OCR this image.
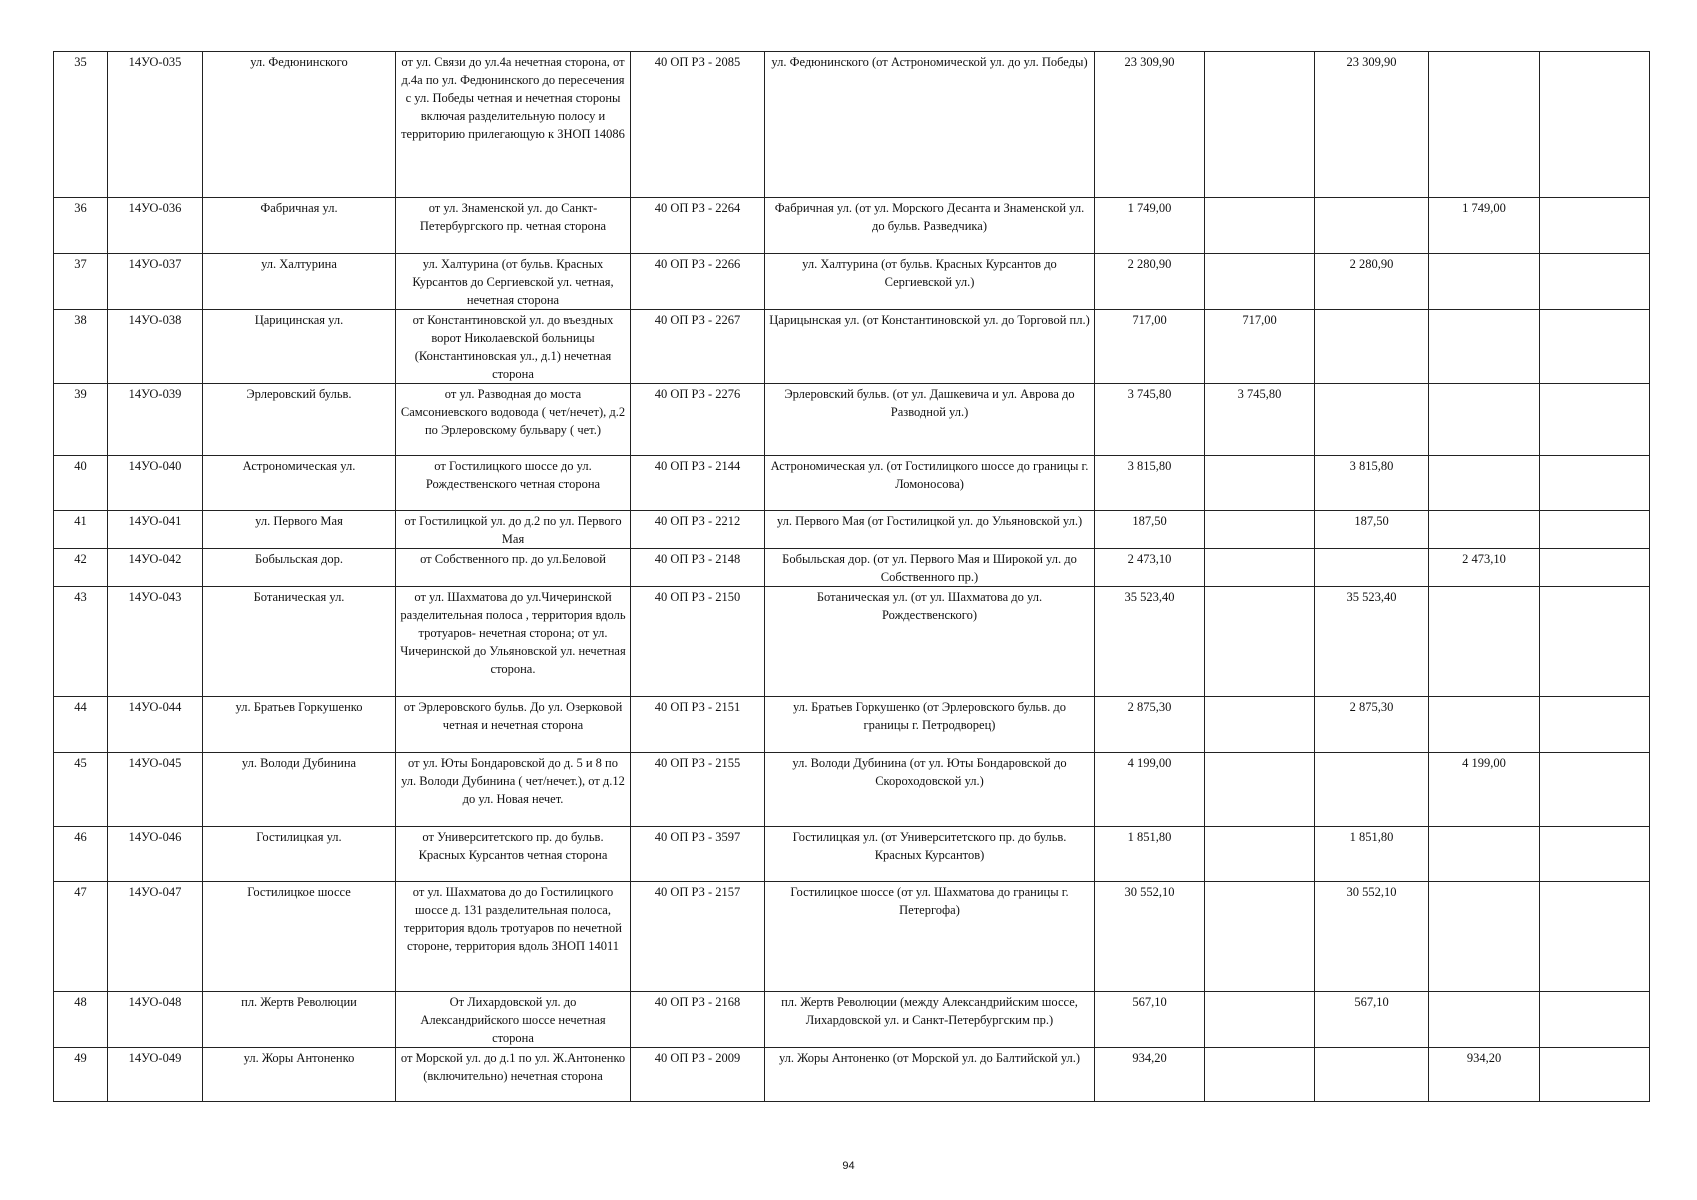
35	14УО-035	ул. Федюнинского	от ул. Связи до ул.4а нечетная сторона, от д.4а по ул. Федюнинского до пересечения с ул. Победы четная и нечетная стороны включая разделительную полосу и территорию прилегающую к ЗНОП 14086	40 ОП РЗ - 2085	ул. Федюнинского (от Астрономической ул. до ул. Победы)	23 309,90		23 309,90		
36	14УО-036	Фабричная ул.	от ул. Знаменской ул. до Санкт-Петербургского пр. четная сторона	40 ОП РЗ - 2264	Фабричная ул. (от ул. Морского Десанта и Знаменской ул. до бульв. Разведчика)	1 749,00			1 749,00	
37	14УО-037	ул. Халтурина	ул. Халтурина (от бульв. Красных Курсантов до Сергиевской ул. четная, нечетная сторона	40 ОП РЗ - 2266	ул. Халтурина (от бульв. Красных Курсантов до Сергиевской ул.)	2 280,90		2 280,90		
38	14УО-038	Царицинская ул.	от Константиновской ул. до въездных ворот Николаевской больницы (Константиновская ул., д.1) нечетная сторона	40 ОП РЗ - 2267	Царицынская ул. (от Константиновской ул. до Торговой пл.)	717,00	717,00			
39	14УО-039	Эрлеровский бульв.	от ул. Разводная до моста Самсониевского водовода ( чет/нечет), д.2 по Эрлеровскому бульвару ( чет.)	40 ОП РЗ - 2276	Эрлеровский бульв. (от ул. Дашкевича и ул. Аврова до Разводной ул.)	3 745,80	3 745,80			
40	14УО-040	Астрономическая ул.	от Гостилицкого шоссе до ул. Рождественского четная сторона	40 ОП РЗ - 2144	Астрономическая ул. (от Гостилицкого шоссе до границы г. Ломоносова)	3 815,80		3 815,80		
41	14УО-041	ул. Первого Мая	от Гостилицкой ул. до д.2 по ул. Первого Мая	40 ОП РЗ - 2212	ул. Первого Мая (от Гостилицкой ул. до Ульяновской ул.)	187,50		187,50		
42	14УО-042	Бобыльская дор.	от Собственного пр. до ул.Беловой	40 ОП РЗ - 2148	Бобыльская дор. (от ул. Первого Мая и Широкой ул. до Собственного пр.)	2 473,10			2 473,10	
43	14УО-043	Ботаническая ул.	от ул. Шахматова до ул.Чичеринской разделительная полоса , территория вдоль тротуаров- нечетная сторона; от ул. Чичеринской до Ульяновской ул. нечетная сторона.	40 ОП РЗ - 2150	Ботаническая ул. (от ул. Шахматова до ул. Рождественского)	35 523,40		35 523,40		
44	14УО-044	ул. Братьев Горкушенко	от Эрлеровского бульв. До ул. Озерковой четная и нечетная сторона	40 ОП РЗ - 2151	ул. Братьев Горкушенко (от Эрлеровского бульв. до границы г. Петродворец)	2 875,30		2 875,30		
45	14УО-045	ул. Володи Дубинина	от ул. Юты Бондаровской до д. 5 и 8 по ул. Володи Дубинина ( чет/нечет.), от д.12 до ул. Новая нечет.	40 ОП РЗ - 2155	ул. Володи Дубинина (от ул. Юты Бондаровской до Скороходовской ул.)	4 199,00			4 199,00	
46	14УО-046	Гостилицкая ул.	от Университетского пр. до бульв. Красных Курсантов четная сторона	40 ОП РЗ - 3597	Гостилицкая ул. (от Университетского пр. до бульв. Красных Курсантов)	1 851,80		1 851,80		
47	14УО-047	Гостилицкое шоссе	от ул. Шахматова до до Гостилицкого шоссе д. 131 разделительная полоса, территория вдоль тротуаров по нечетной стороне, территория вдоль ЗНОП 14011	40 ОП РЗ - 2157	Гостилицкое шоссе (от ул. Шахматова до границы г. Петергофа)	30 552,10		30 552,10		
48	14УО-048	пл. Жертв Революции	От Лихардовской ул. до Александрийского шоссе нечетная сторона	40 ОП РЗ - 2168	пл. Жертв Революции (между Александрийским шоссе, Лихардовской ул. и Санкт-Петербургским пр.)	567,10		567,10		
49	14УО-049	ул. Жоры Антоненко	от Морской ул. до д.1 по ул. Ж.Антоненко (включительно) нечетная сторона	40 ОП РЗ - 2009	ул. Жоры Антоненко (от Морской ул. до Балтийской ул.)	934,20			934,20	
94
